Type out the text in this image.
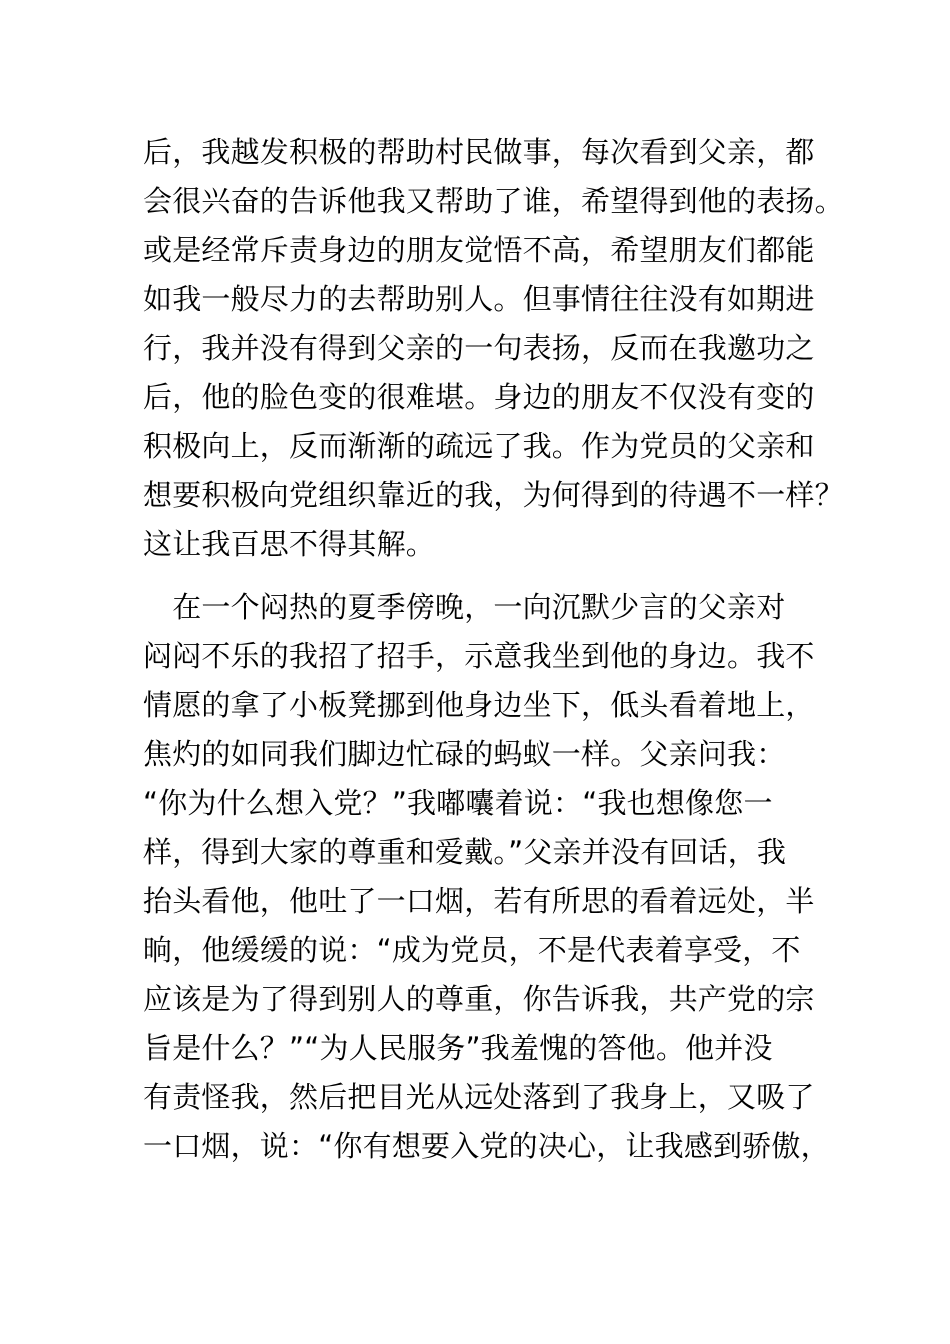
后，我越发积极的帮助村民做事，每次看到父亲，都
会很兴奋的告诉他我又帮助了谁，希望得到他的表扬。
或是经常斥责身边的朋友觉悟不高，希望朋友们都能
如我一般尽力的去帮助别人。但事情往往没有如期进
行，我并没有得到父亲的一句表扬，反而在我邀功之
后，他的脸色变的很难堪。身边的朋友不仅没有变的
积极向上，反而渐渐的疏远了我。作为党员的父亲和
想要积极向党组织靠近的我，为何得到的待遇不一样？
这让我百思不得其解。
　在一个闷热的夏季傍晚，一向沉默少言的父亲对
闷闷不乐的我招了招手，示意我坐到他的身边。我不
情愿的拿了小板凳挪到他身边坐下，低头看着地上，
焦灼的如同我们脚边忙碌的蚂蚁一样。父亲问我：
“你为什么想入党？”我嘟囔着说：“我也想像您一
样，得到大家的尊重和爱戴。”父亲并没有回话，我
抬头看他，他吐了一口烟，若有所思的看着远处，半
晌，他缓缓的说：“成为党员，不是代表着享受，不
应该是为了得到别人的尊重，你告诉我，共产党的宗
旨是什么？”“为人民服务”我羞愧的答他。他并没
有责怪我，然后把目光从远处落到了我身上，又吸了
一口烟，说：“你有想要入党的决心，让我感到骄傲，
